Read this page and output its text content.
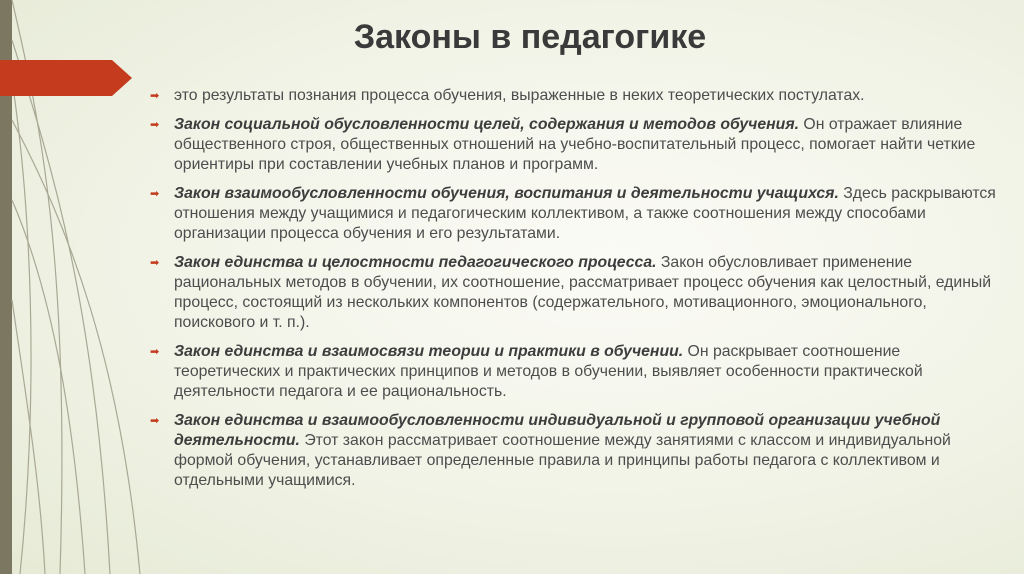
Законы в педагогике
➡ это результаты познания процесса обучения, выраженные в неких теоретических постулатах.
➡ Закон социальной обусловленности целей, содержания и методов обучения. Он отражает влияние общественного строя, общественных отношений на учебно-воспитательный процесс, помогает найти четкие ориентиры при составлении учебных планов и программ.
➡ Закон взаимообусловленности обучения, воспитания и деятельности учащихся. Здесь раскрываются отношения между учащимися и педагогическим коллективом, а также соотношения между способами организации процесса обучения и его результатами.
➡ Закон единства и целостности педагогического процесса. Закон обусловливает применение рациональных методов в обучении, их соотношение, рассматривает процесс обучения как целостный, единый процесс, состоящий из нескольких компонентов (содержательного, мотивационного, эмоционального, поискового и т. п.).
➡ Закон единства и взаимосвязи теории и практики в обучении. Он раскрывает соотношение теоретических и практических принципов и методов в обучении, выявляет особенности практической деятельности педагога и ее рациональность.
➡ Закон единства и взаимообусловленности индивидуальной и групповой организации учебной деятельности. Этот закон рассматривает соотношение между занятиями с классом и индивидуальной формой обучения, устанавливает определенные правила и принципы работы педагога с коллективом и отдельными учащимися.
